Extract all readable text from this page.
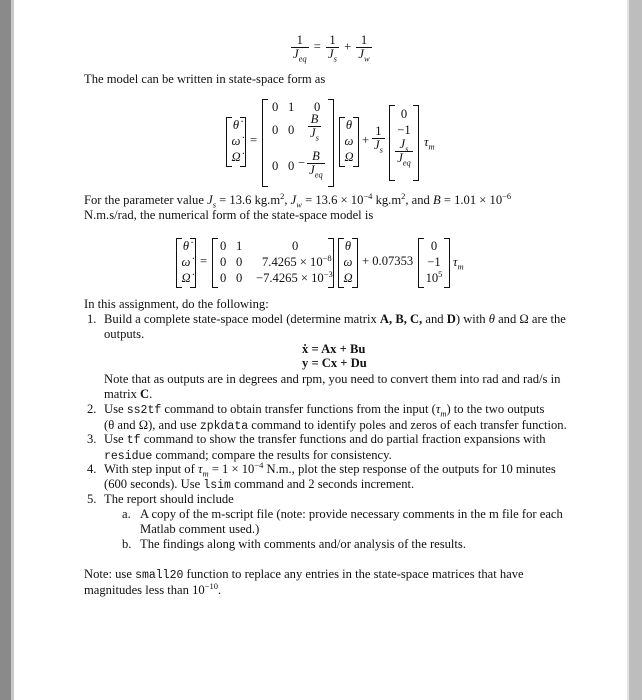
$\frac{1}{J_{eq}} = \frac{1}{J_s} + \frac{1}{J_w}$
The model can be written in state-space form as
θ̇
ω̇
Ω̇
=
0 1 0
0 $0 \frac{B}{J_s}$
0 $0 - \frac{B}{J_{eq}}$
θ
ω
Ω
+ $\frac{1}{J_s}$
0
−1
$\frac{J_s}{J_{eq}} \tau_m$
For the parameter value $J_s = 13.6$ $kg.m^2$, $J_w = 13.6 \times 10^{-4}$ $kg.m^2$, and $B = 1.01 \times 10^{-6}$
N.m.s/rad, the numerical form of the state-space model is
θ̇
ω̇
Ω̇
=
0 1	0
0 0 $7.4265 \times 10^{-8}$
0 $0 -7.4265 \times 10^{-3}$
θ
ω
Ω
+ 0.07353
0
−1
$10^5$
$\tau_m$
In this assignment, do the following:
1. Build a complete state-space model (determine matrix A, B, C, and D) with θ and Ω are the
outputs.
ẋ = Ax + Bu
y = Cx + Du
Note that as outputs are in degrees and rpm, you need to convert them into rad and rad/s in
matrix C.
2. Use ss2tf command to obtain transfer functions from the input $(\tau_m)$ to the two outputs
(θ and Ω), and use zpkdata command to identify poles and zeros of each transfer function.
3. Use tf command to show the transfer functions and do partial fraction expansions with
residue command; compare the results for consistency.
4. With step input of $\tau_m = 1 \times 10^{-4}$ N.m., plot the step response of the outputs for 10 minutes
(600 seconds). Use lsim command and 2 seconds increment.
5. The report should include
a. A copy of the m-script file (note: provide necessary comments in the m file for each
Matlab comment used.)
b. The findings along with comments and/or analysis of the results.
Note: use small20 function to replace any entries in the state-space matrices that have
magnitudes less than $10^{-10}$.
